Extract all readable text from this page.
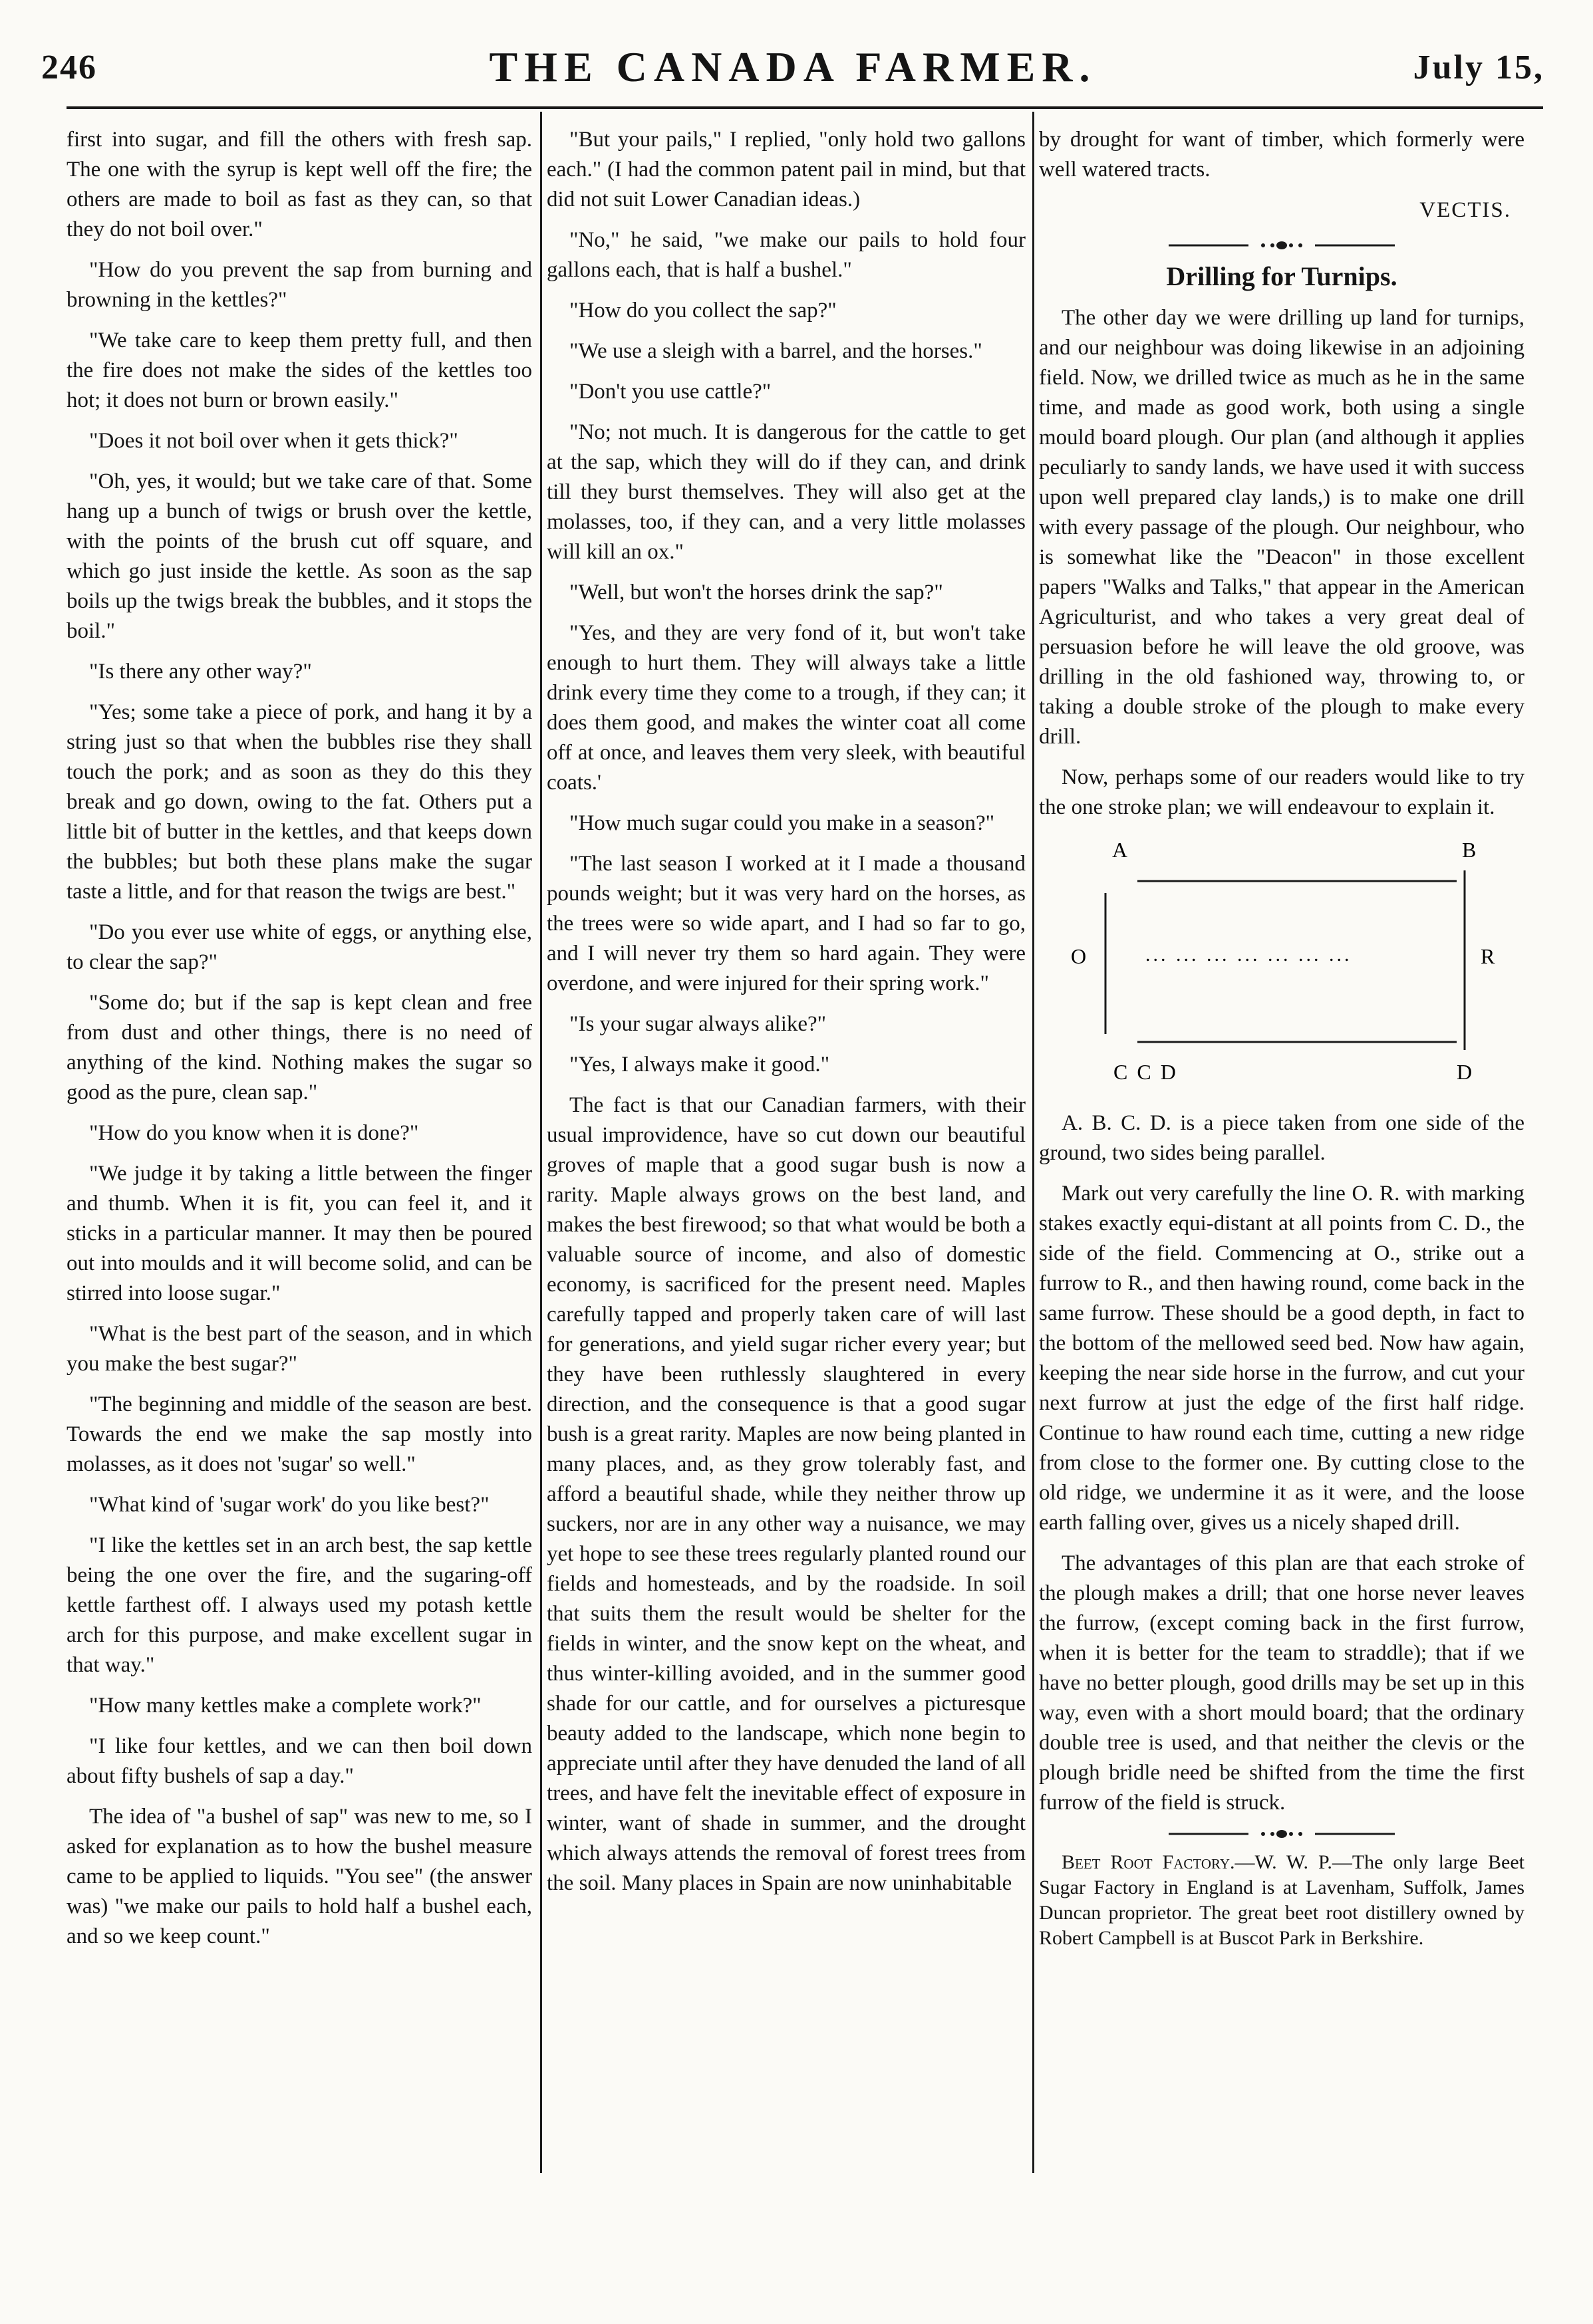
246	THE CANADA FARMER.	July 15,

first into sugar, and fill the others with fresh sap. The one with the syrup is kept well off the fire; the others are made to boil as fast as they can, so that they do not boil over."

"How do you prevent the sap from burning and browning in the kettles?"

"We take care to keep them pretty full, and then the fire does not make the sides of the kettles too hot; it does not burn or brown easily."

"Does it not boil over when it gets thick?"

"Oh, yes, it would; but we take care of that. Some hang up a bunch of twigs or brush over the kettle, with the points of the brush cut off square, and which go just inside the kettle. As soon as the sap boils up the twigs break the bubbles, and it stops the boil."

"Is there any other way?"

"Yes; some take a piece of pork, and hang it by a string just so that when the bubbles rise they shall touch the pork; and as soon as they do this they break and go down, owing to the fat. Others put a little bit of butter in the kettles, and that keeps down the bubbles; but both these plans make the sugar taste a little, and for that reason the twigs are best."

"Do you ever use white of eggs, or anything else, to clear the sap?"

"Some do; but if the sap is kept clean and free from dust and other things, there is no need of anything of the kind. Nothing makes the sugar so good as the pure, clean sap."

"How do you know when it is done?"

"We judge it by taking a little between the finger and thumb. When it is fit, you can feel it, and it sticks in a particular manner. It may then be poured out into moulds and it will become solid, and can be stirred into loose sugar."

"What is the best part of the season, and in which you make the best sugar?"

"The beginning and middle of the season are best. Towards the end we make the sap mostly into molasses, as it does not 'sugar' so well."

"What kind of 'sugar work' do you like best?"

"I like the kettles set in an arch best, the sap kettle being the one over the fire, and the sugaring-off kettle farthest off. I always used my potash kettle arch for this purpose, and make excellent sugar in that way."

"How many kettles make a complete work?"

"I like four kettles, and we can then boil down about fifty bushels of sap a day."

The idea of "a bushel of sap" was new to me, so I asked for explanation as to how the bushel measure came to be applied to liquids. "You see" (the answer was) "we make our pails to hold half a bushel each, and so we keep count."

"But your pails," I replied, "only hold two gallons each." (I had the common patent pail in mind, but that did not suit Lower Canadian ideas.)

"No," he said, "we make our pails to hold four gallons each, that is half a bushel."

"How do you collect the sap?"

"We use a sleigh with a barrel, and the horses."

"Don't you use cattle?"

"No; not much. It is dangerous for the cattle to get at the sap, which they will do if they can, and drink till they burst themselves. They will also get at the molasses, too, if they can, and a very little molasses will kill an ox."

"Well, but won't the horses drink the sap?"

"Yes, and they are very fond of it, but won't take enough to hurt them. They will always take a little drink every time they come to a trough, if they can; it does them good, and makes the winter coat all come off at once, and leaves them very sleek, with beautiful coats.'

"How much sugar could you make in a season?"

"The last season I worked at it I made a thousand pounds weight; but it was very hard on the horses, as the trees were so wide apart, and I had so far to go, and I will never try them so hard again. They were overdone, and were injured for their spring work."

"Is your sugar always alike?"

"Yes, I always make it good."

The fact is that our Canadian farmers, with their usual improvidence, have so cut down our beautiful groves of maple that a good sugar bush is now a rarity. Maple always grows on the best land, and makes the best firewood; so that what would be both a valuable source of income, and also of domestic economy, is sacrificed for the present need. Maples carefully tapped and properly taken care of will last for generations, and yield sugar richer every year; but they have been ruthlessly slaughtered in every direction, and the consequence is that a good sugar bush is a great rarity. Maples are now being planted in many places, and, as they grow tolerably fast, and afford a beautiful shade, while they neither throw up suckers, nor are in any other way a nuisance, we may yet hope to see these trees regularly planted round our fields and homesteads, and by the roadside. In soil that suits them the result would be shelter for the fields in winter, and the snow kept on the wheat, and thus winter-killing avoided, and in the summer good shade for our cattle, and for ourselves a picturesque beauty added to the landscape, which none begin to appreciate until after they have denuded the land of all trees, and have felt the inevitable effect of exposure in winter, want of shade in summer, and the drought which always attends the removal of forest trees from the soil. Many places in Spain are now uninhabitable

by drought for want of timber, which formerly were well watered tracts.

VECTIS.
Drilling for Turnips.

The other day we were drilling up land for turnips, and our neighbour was doing likewise in an adjoining field. Now, we drilled twice as much as he in the same time, and made as good work, both using a single mould board plough. Our plan (and although it applies peculiarly to sandy lands, we have used it with success upon well prepared clay lands,) is to make one drill with every passage of the plough. Our neighbour, who is somewhat like the "Deacon" in those excellent papers "Walks and Talks," that appear in the American Agriculturist, and who takes a very great deal of persuasion before he will leave the old groove, was drilling in the old fashioned way, throwing to, or taking a double stroke of the plough to make every drill.

Now, perhaps some of our readers would like to try the one stroke plan; we will endeavour to explain it.

A	B
O	... ... ... ... ... ... ...	R
C C D	D

A. B. C. D. is a piece taken from one side of the ground, two sides being parallel.

Mark out very carefully the line O. R. with marking stakes exactly equi-distant at all points from C. D., the side of the field. Commencing at O., strike out a furrow to R., and then hawing round, come back in the same furrow. These should be a good depth, in fact to the bottom of the mellowed seed bed. Now haw again, keeping the near side horse in the furrow, and cut your next furrow at just the edge of the first half ridge. Continue to haw round each time, cutting a new ridge from close to the former one. By cutting close to the old ridge, we undermine it as it were, and the loose earth falling over, gives us a nicely shaped drill.

The advantages of this plan are that each stroke of the plough makes a drill; that one horse never leaves the furrow, (except coming back in the first furrow, when it is better for the team to straddle); that if we have no better plough, good drills may be set up in this way, even with a short mould board; that the ordinary double tree is used, and that neither the clevis or the plough bridle need be shifted from the time the first furrow of the field is struck.

Beet Root Factory.—W. W. P.—The only large Beet Sugar Factory in England is at Lavenham, Suffolk, James Duncan proprietor. The great beet root distillery owned by Robert Campbell is at Buscot Park in Berkshire.
